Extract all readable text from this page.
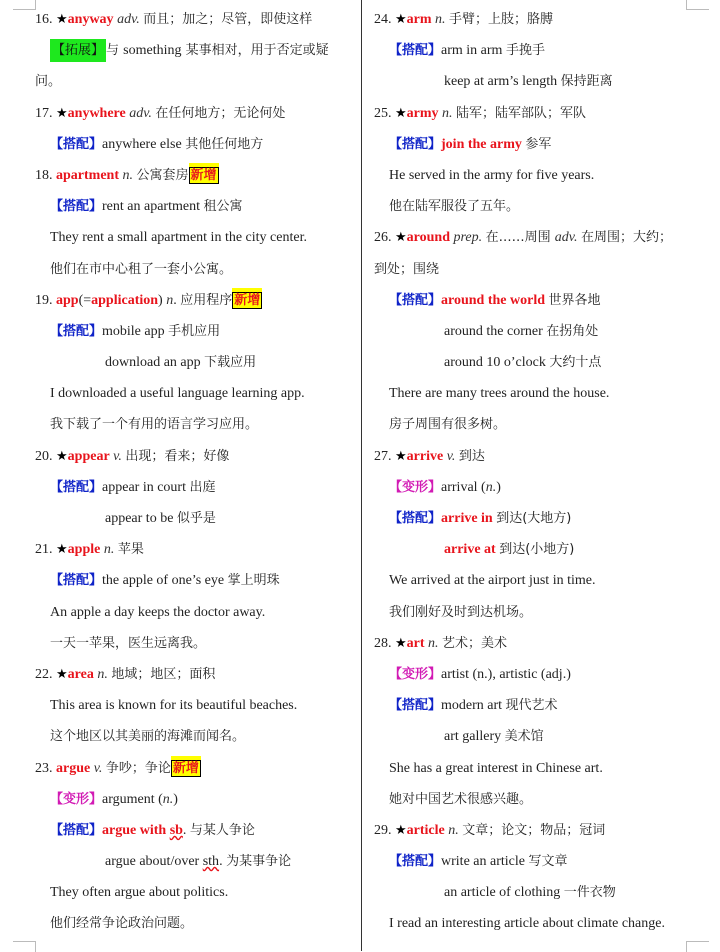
16. ★anyway adv. 而且；加之；尽管，即使这样
【拓展】 与 something 某事相对，用于否定或疑
问。
17. ★anywhere adv. 在任何地方；无论何处
【搭配】anywhere else 其他任何地方
18. apartment n. 公寓套房 新增
【搭配】rent an apartment 租公寓
They rent a small apartment in the city center.
他们在市中心租了一套小公寓。
19. app(=application) n. 应用程序 新增
【搭配】mobile app 手机应用
download an app 下载应用
I downloaded a useful language learning app.
我下载了一个有用的语言学习应用。
20. ★appear v. 出现；看来；好像
【搭配】appear in court 出庭
appear to be 似乎是
21. ★apple n. 苹果
【搭配】the apple of one’s eye 掌上明珠
An apple a day keeps the doctor away.
一天一苹果，医生远离我。
22. ★area n. 地域；地区；面积
This area is known for its beautiful beaches.
这个地区以其美丽的海滩而闻名。
23. argue v. 争吵；争论 新增
【变形】argument (n.)
【搭配】argue with sb. 与某人争论
argue about/over sth. 为某事争论
They often argue about politics.
他们经常争论政治问题。
24. ★arm n. 手臂；上肢；胳膊
【搭配】arm in arm 手挽手
keep at arm’s length 保持距离
25. ★army n. 陆军；陆军部队；军队
【搭配】join the army 参军
He served in the army for five years.
他在陆军服役了五年。
26. ★around prep. 在……周围 adv. 在周围；大约；
到处；围绕
【搭配】around the world 世界各地
around the corner 在拐角处
around 10 o’clock 大约十点
There are many trees around the house.
房子周围有很多树。
27. ★arrive v. 到达
【变形】arrival (n.)
【搭配】arrive in 到达(大地方)
arrive at 到达(小地方)
We arrived at the airport just in time.
我们刚好及时到达机场。
28. ★art n. 艺术；美术
【变形】artist (n.), artistic (adj.)
【搭配】modern art 现代艺术
art gallery 美术馆
She has a great interest in Chinese art.
她对中国艺术很感兴趣。
29. ★article n. 文章；论文；物品；冠词
【搭配】write an article 写文章
an article of clothing 一件衣物
I read an interesting article about climate change.
